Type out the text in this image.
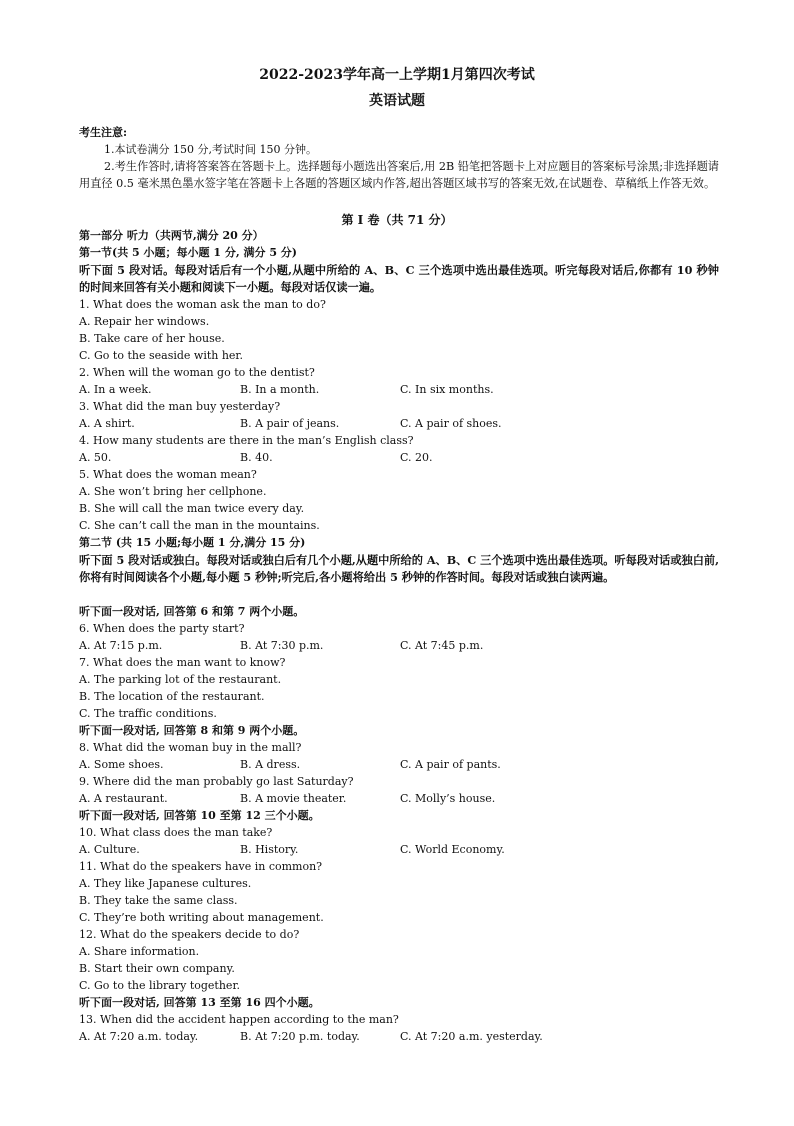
2022-2023学年高一上学期1月第四次考试
英语试题
考生注意:
1.本试卷满分 150 分,考试时间 150 分钟。
2.考生作答时,请将答案答在答题卡上。选择题每小题选出答案后,用 2B 铅笔把答题卡上对应题目的答案标号涂黑;非选择题请用直径 0.5 毫米黑色墨水签字笔在答题卡上各题的答题区域内作答,超出答题区域书写的答案无效,在试题卷、草稿纸上作答无效。
第 I 卷（共 71 分）
第一部分 听力（共两节,满分 20 分）
第一节(共 5 小题；每小题 1 分, 满分 5 分)
听下面 5 段对话。每段对话后有一个小题,从题中所给的 A、B、C 三个选项中选出最佳选项。听完每段对话后,你都有 10 秒钟的时间来回答有关小题和阅读下一小题。每段对话仅读一遍。
1. What does the woman ask the man to do?
A. Repair her windows.
B. Take care of her house.
C. Go to the seaside with her.
2. When will the woman go to the dentist?
A. In a week.	B. In a month.	C. In six months.
3. What did the man buy yesterday?
A. A shirt.	B. A pair of jeans.	C. A pair of shoes.
4. How many students are there in the man’s English class?
A. 50.	B. 40.	C. 20.
5. What does the woman mean?
A. She won’t bring her cellphone.
B. She will call the man twice every day.
C. She can’t call the man in the mountains.
第二节 (共 15 小题;每小题 1 分,满分 15 分)
听下面 5 段对话或独白。每段对话或独白后有几个小题,从题中所给的 A、B、C 三个选项中选出最佳选项。听每段对话或独白前,你将有时间阅读各个小题,每小题 5 秒钟;听完后,各小题将给出 5 秒钟的作答时间。每段对话或独白读两遍。
听下面一段对话, 回答第 6 和第 7 两个小题。
6. When does the party start?
A. At 7:15 p.m.	B. At 7:30 p.m.	C. At 7:45 p.m.
7. What does the man want to know?
A. The parking lot of the restaurant.
B. The location of the restaurant.
C. The traffic conditions.
听下面一段对话, 回答第 8 和第 9 两个小题。
8. What did the woman buy in the mall?
A. Some shoes.	B. A dress.	C. A pair of pants.
9. Where did the man probably go last Saturday?
A. A restaurant.	B. A movie theater.	C. Molly’s house.
听下面一段对话, 回答第 10 至第 12 三个小题。
10. What class does the man take?
A. Culture.	B. History.	C. World Economy.
11. What do the speakers have in common?
A. They like Japanese cultures.
B. They take the same class.
C. They’re both writing about management.
12. What do the speakers decide to do?
A. Share information.
B. Start their own company.
C. Go to the library together.
听下面一段对话, 回答第 13 至第 16 四个小题。
13. When did the accident happen according to the man?
A. At 7:20 a.m. today.	B. At 7:20 p.m. today.	C. At 7:20 a.m. yesterday.
